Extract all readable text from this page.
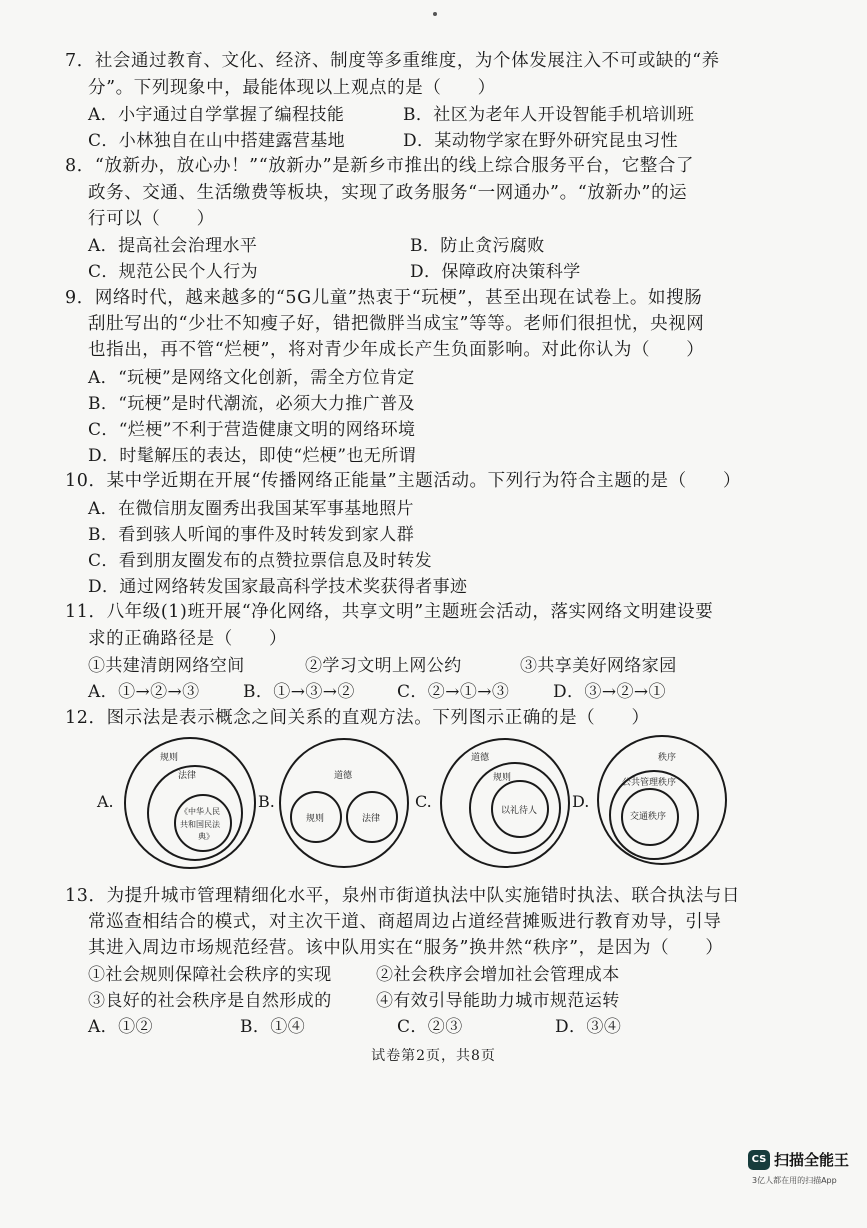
7．社会通过教育、文化、经济、制度等多重维度，为个体发展注入不可或缺的“养
分”。下列现象中，最能体现以上观点的是（　　）
A．小宇通过自学掌握了编程技能	B．社区为老年人开设智能手机培训班
C．小林独自在山中搭建露营基地	D．某动物学家在野外研究昆虫习性
8．“放新办，放心办！”“放新办”是新乡市推出的线上综合服务平台，它整合了
政务、交通、生活缴费等板块，实现了政务服务“一网通办”。“放新办”的运
行可以（　　）
A．提高社会治理水平	B．防止贪污腐败
C．规范公民个人行为	D．保障政府决策科学
9．网络时代，越来越多的“5G儿童”热衷于“玩梗”，甚至出现在试卷上。如搜肠
刮肚写出的“少壮不知瘦子好，错把微胖当成宝”等等。老师们很担忧，央视网
也指出，再不管“烂梗”，将对青少年成长产生负面影响。对此你认为（　　）
A．“玩梗”是网络文化创新，需全方位肯定
B．“玩梗”是时代潮流，必须大力推广普及
C．“烂梗”不利于营造健康文明的网络环境
D．时髦解压的表达，即使“烂梗”也无所谓
10．某中学近期在开展“传播网络正能量”主题活动。下列行为符合主题的是（　　）
A．在微信朋友圈秀出我国某军事基地照片
B．看到骇人听闻的事件及时转发到家人群
C．看到朋友圈发布的点赞拉票信息及时转发
D．通过网络转发国家最高科学技术奖获得者事迹
11．八年级(1)班开展“净化网络，共享文明”主题班会活动，落实网络文明建设要
求的正确路径是（　　）
①共建清朗网络空间	②学习文明上网公约	③共享美好网络家园
A．①→②→③	B．①→③→② C．②→①→③	D．③→②→①
12．图示法是表示概念之间关系的直观方法。下列图示正确的是（　　）
A.	B.	C.	D.
规则
法律
《中华人民
共和国民法
典》
道德
规则	法律
道德
规则
以礼待人
秩序
公共管理秩序
交通秩序
13．为提升城市管理精细化水平，泉州市街道执法中队实施错时执法、联合执法与日
常巡查相结合的模式，对主次干道、商超周边占道经营摊贩进行教育劝导，引导
其进入周边市场规范经营。该中队用实在“服务”换井然“秩序”，是因为（　　）
①社会规则保障社会秩序的实现	②社会秩序会增加社会管理成本
③良好的社会秩序是自然形成的	④有效引导能助力城市规范运转
A．①②	B．①④	C．②③	D．③④
试卷第2页，共8页
CS 扫描全能王
3亿人都在用的扫描App
